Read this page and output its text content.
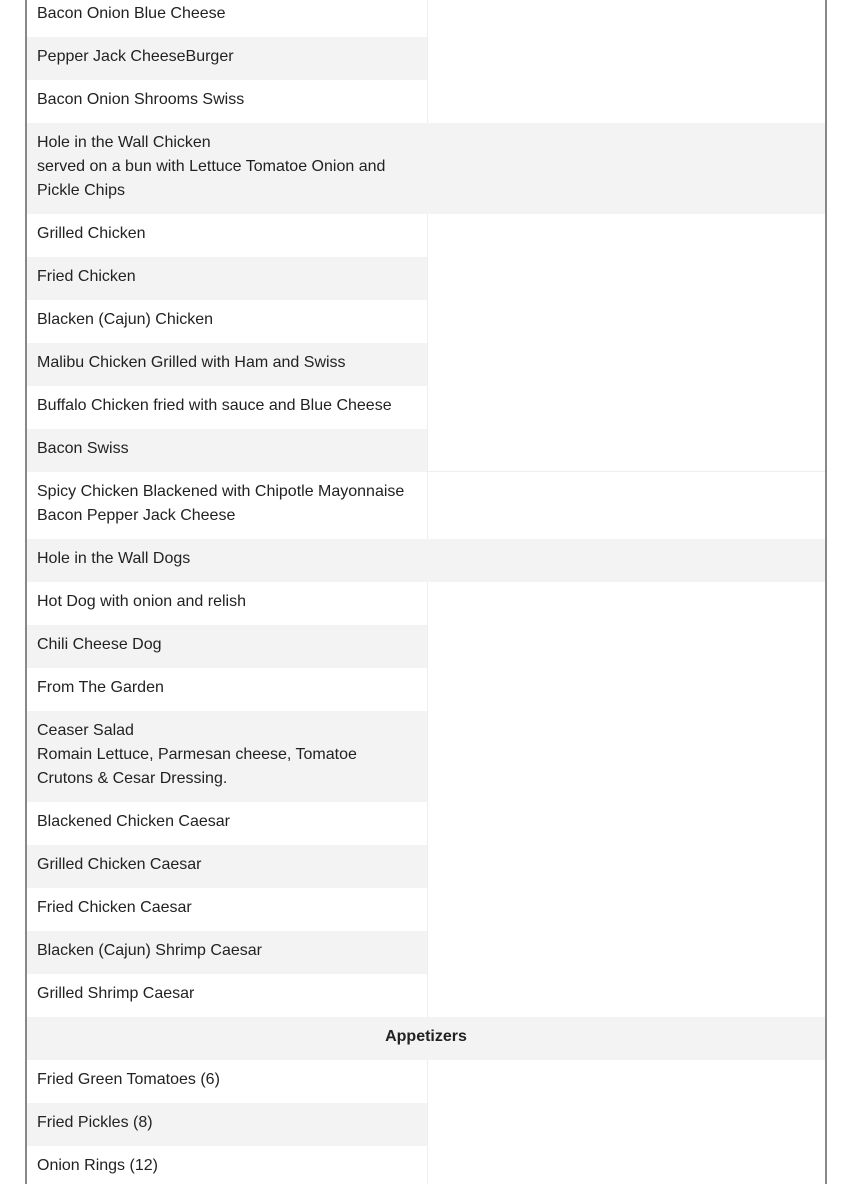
Bacon Onion Blue Cheese
Pepper Jack CheeseBurger
Bacon Onion Shrooms Swiss
Hole in the Wall Chicken
served on a bun with Lettuce Tomatoe Onion and
Pickle Chips
Grilled Chicken
Fried Chicken
Blacken (Cajun) Chicken
Malibu Chicken Grilled with Ham and Swiss
Buffalo Chicken fried with sauce and Blue Cheese
Bacon Swiss
Spicy Chicken Blackened with Chipotle Mayonnaise
Bacon Pepper Jack Cheese
Hole in the Wall Dogs
Hot Dog with onion and relish
Chili Cheese Dog
From The Garden
Ceaser Salad
Romain Lettuce, Parmesan cheese, Tomatoe
Crutons & Cesar Dressing.
Blackened Chicken Caesar
Grilled Chicken Caesar
Fried Chicken Caesar
Blacken (Cajun) Shrimp Caesar
Grilled Shrimp Caesar
Appetizers
Fried Green Tomatoes (6)
Fried Pickles (8)
Onion Rings (12)
